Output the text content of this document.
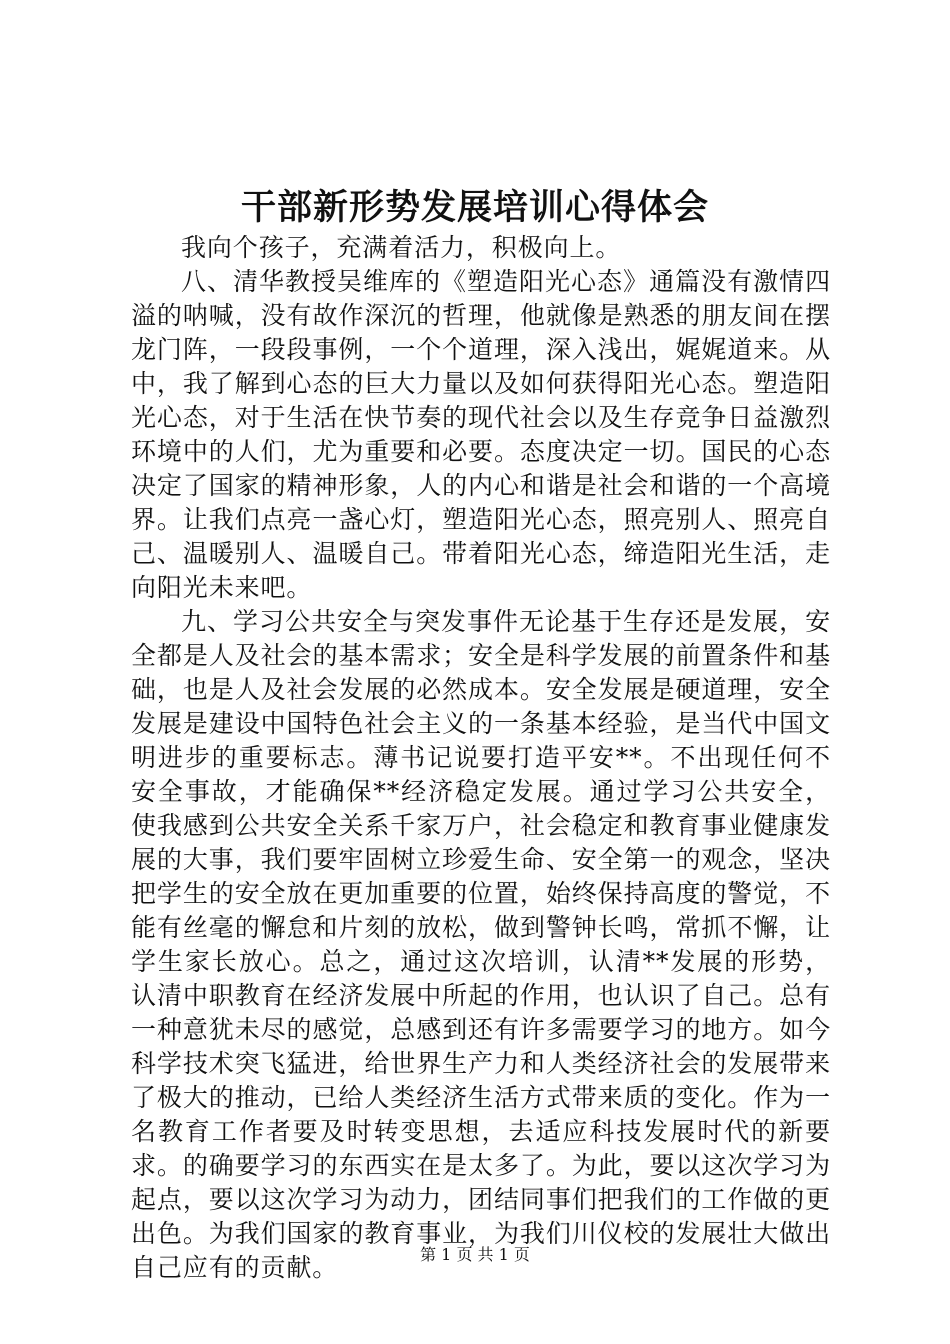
干部新形势发展培训心得体会

我向个孩子，充满着活力，积极向上。

八、清华教授吴维库的《塑造阳光心态》通篇没有激情四溢的呐喊，没有故作深沉的哲理，他就像是熟悉的朋友间在摆龙门阵，一段段事例，一个个道理，深入浅出，娓娓道来。从中，我了解到心态的巨大力量以及如何获得阳光心态。塑造阳光心态，对于生活在快节奏的现代社会以及生存竞争日益激烈环境中的人们，尤为重要和必要。态度决定一切。国民的心态决定了国家的精神形象，人的内心和谐是社会和谐的一个高境界。让我们点亮一盏心灯，塑造阳光心态，照亮别人、照亮自己、温暖别人、温暖自己。带着阳光心态，缔造阳光生活，走向阳光未来吧。

九、学习公共安全与突发事件无论基于生存还是发展，安全都是人及社会的基本需求；安全是科学发展的前置条件和基础，也是人及社会发展的必然成本。安全发展是硬道理，安全发展是建设中国特色社会主义的一条基本经验，是当代中国文明进步的重要标志。薄书记说要打造平安**。不出现任何不安全事故，才能确保**经济稳定发展。通过学习公共安全，使我感到公共安全关系千家万户，社会稳定和教育事业健康发展的大事，我们要牢固树立珍爱生命、安全第一的观念，坚决把学生的安全放在更加重要的位置，始终保持高度的警觉，不能有丝毫的懈怠和片刻的放松，做到警钟长鸣，常抓不懈，让学生家长放心。总之，通过这次培训，认清**发展的形势，认清中职教育在经济发展中所起的作用，也认识了自己。总有一种意犹未尽的感觉，总感到还有许多需要学习的地方。如今科学技术突飞猛进，给世界生产力和人类经济社会的发展带来了极大的推动，已给人类经济生活方式带来质的变化。作为一名教育工作者要及时转变思想，去适应科技发展时代的新要求。的确要学习的东西实在是太多了。为此，要以这次学习为起点，要以这次学习为动力，团结同事们把我们的工作做的更出色。为我们国家的教育事业，为我们川仪校的发展壮大做出自己应有的贡献。	第 1 页 共 1 页
